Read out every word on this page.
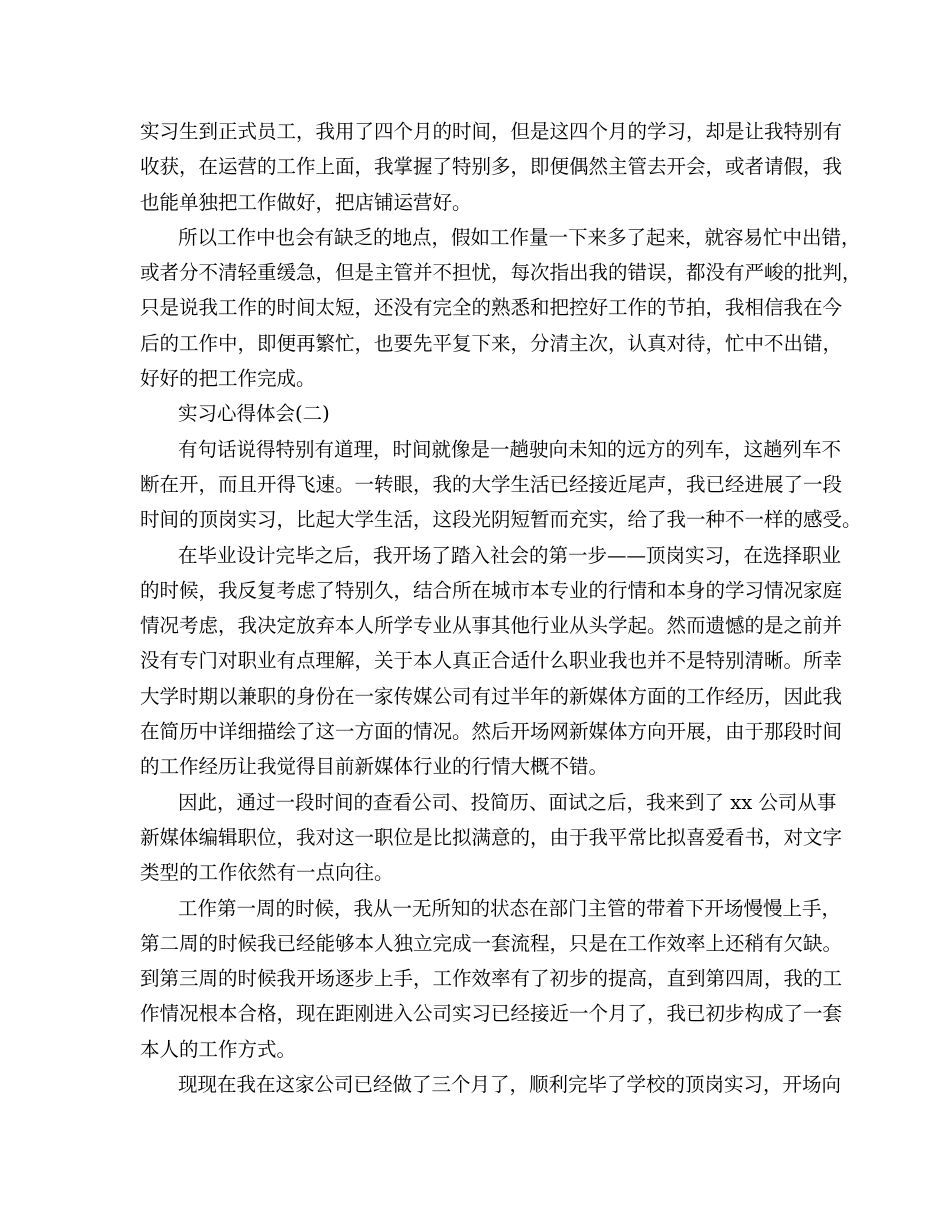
实习生到正式员工，我用了四个月的时间，但是这四个月的学习，却是让我特别有
收获，在运营的工作上面，我掌握了特别多，即便偶然主管去开会，或者请假，我
也能单独把工作做好，把店铺运营好。
所以工作中也会有缺乏的地点，假如工作量一下来多了起来，就容易忙中出错，
或者分不清轻重缓急，但是主管并不担忧，每次指出我的错误，都没有严峻的批判，
只是说我工作的时间太短，还没有完全的熟悉和把控好工作的节拍，我相信我在今
后的工作中，即便再繁忙，也要先平复下来，分清主次，认真对待，忙中不出错，
好好的把工作完成。
实习心得体会(二)
有句话说得特别有道理，时间就像是一趟驶向未知的远方的列车，这趟列车不
断在开，而且开得飞速。一转眼，我的大学生活已经接近尾声，我已经进展了一段
时间的顶岗实习，比起大学生活，这段光阴短暂而充实，给了我一种不一样的感受。
在毕业设计完毕之后，我开场了踏入社会的第一步——顶岗实习，在选择职业
的时候，我反复考虑了特别久，结合所在城市本专业的行情和本身的学习情况家庭
情况考虑，我决定放弃本人所学专业从事其他行业从头学起。然而遗憾的是之前并
没有专门对职业有点理解，关于本人真正合适什么职业我也并不是特别清晰。所幸
大学时期以兼职的身份在一家传媒公司有过半年的新媒体方面的工作经历，因此我
在简历中详细描绘了这一方面的情况。然后开场网新媒体方向开展，由于那段时间
的工作经历让我觉得目前新媒体行业的行情大概不错。
因此，通过一段时间的查看公司、投简历、面试之后，我来到了 xx 公司从事
新媒体编辑职位，我对这一职位是比拟满意的，由于我平常比拟喜爱看书，对文字
类型的工作依然有一点向往。
工作第一周的时候，我从一无所知的状态在部门主管的带着下开场慢慢上手，
第二周的时候我已经能够本人独立完成一套流程，只是在工作效率上还稍有欠缺。
到第三周的时候我开场逐步上手，工作效率有了初步的提高，直到第四周，我的工
作情况根本合格，现在距刚进入公司实习已经接近一个月了，我已初步构成了一套
本人的工作方式。
现现在我在这家公司已经做了三个月了，顺利完毕了学校的顶岗实习，开场向
